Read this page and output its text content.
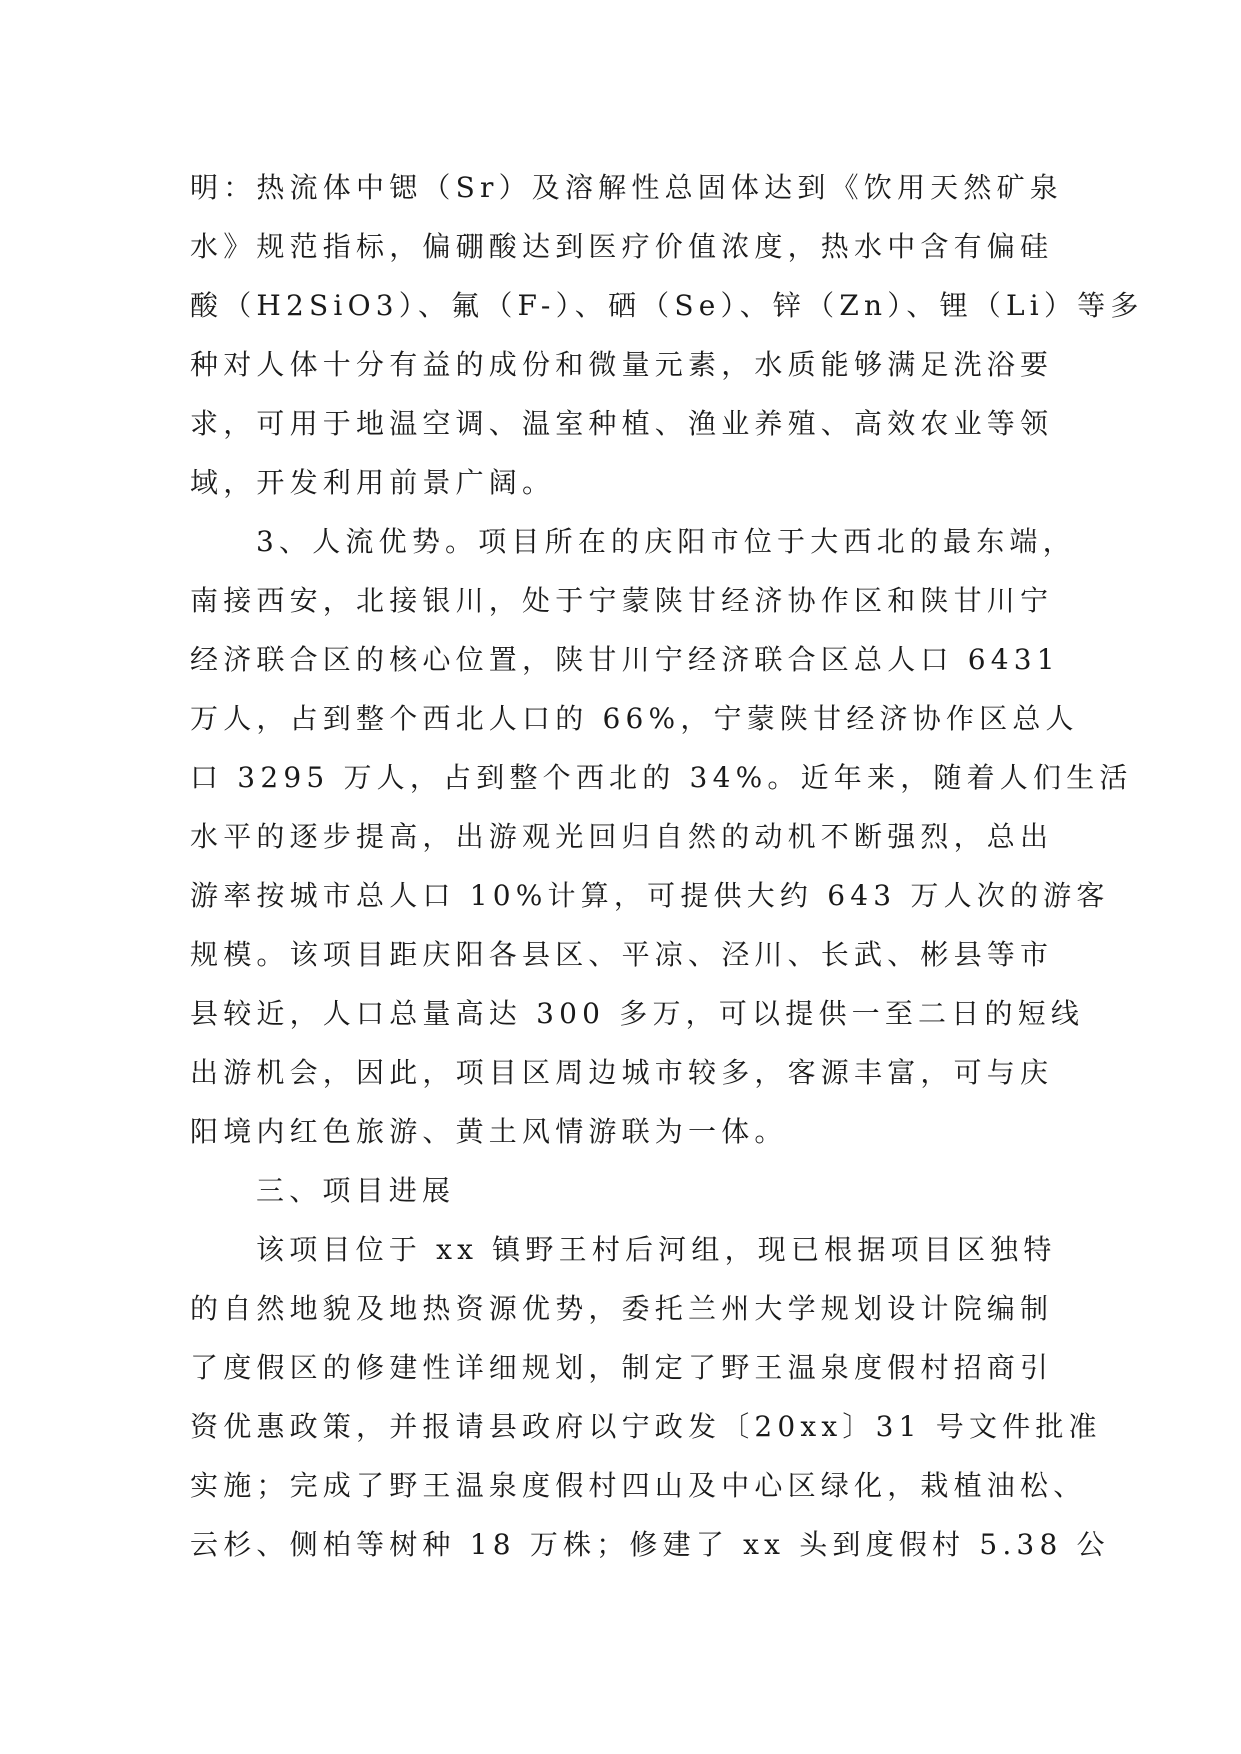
明：热流体中锶（Sr）及溶解性总固体达到《饮用天然矿泉
水》规范指标，偏硼酸达到医疗价值浓度，热水中含有偏硅
酸（H2SiO3）、氟（F-）、硒（Se）、锌（Zn）、锂（Li）等多
种对人体十分有益的成份和微量元素，水质能够满足洗浴要
求，可用于地温空调、温室种植、渔业养殖、高效农业等领
域，开发利用前景广阔。
3、人流优势。项目所在的庆阳市位于大西北的最东端，
南接西安，北接银川，处于宁蒙陕甘经济协作区和陕甘川宁
经济联合区的核心位置，陕甘川宁经济联合区总人口 6431
万人，占到整个西北人口的 66%，宁蒙陕甘经济协作区总人
口 3295 万人，占到整个西北的 34%。近年来，随着人们生活
水平的逐步提高，出游观光回归自然的动机不断强烈，总出
游率按城市总人口 10%计算，可提供大约 643 万人次的游客
规模。该项目距庆阳各县区、平凉、泾川、长武、彬县等市
县较近，人口总量高达 300 多万，可以提供一至二日的短线
出游机会，因此，项目区周边城市较多，客源丰富，可与庆
阳境内红色旅游、黄土风情游联为一体。
三、项目进展
该项目位于 xx 镇野王村后河组，现已根据项目区独特
的自然地貌及地热资源优势，委托兰州大学规划设计院编制
了度假区的修建性详细规划，制定了野王温泉度假村招商引
资优惠政策，并报请县政府以宁政发〔20xx〕31 号文件批准
实施；完成了野王温泉度假村四山及中心区绿化，栽植油松、
云杉、侧柏等树种 18 万株；修建了 xx 头到度假村 5.38 公
